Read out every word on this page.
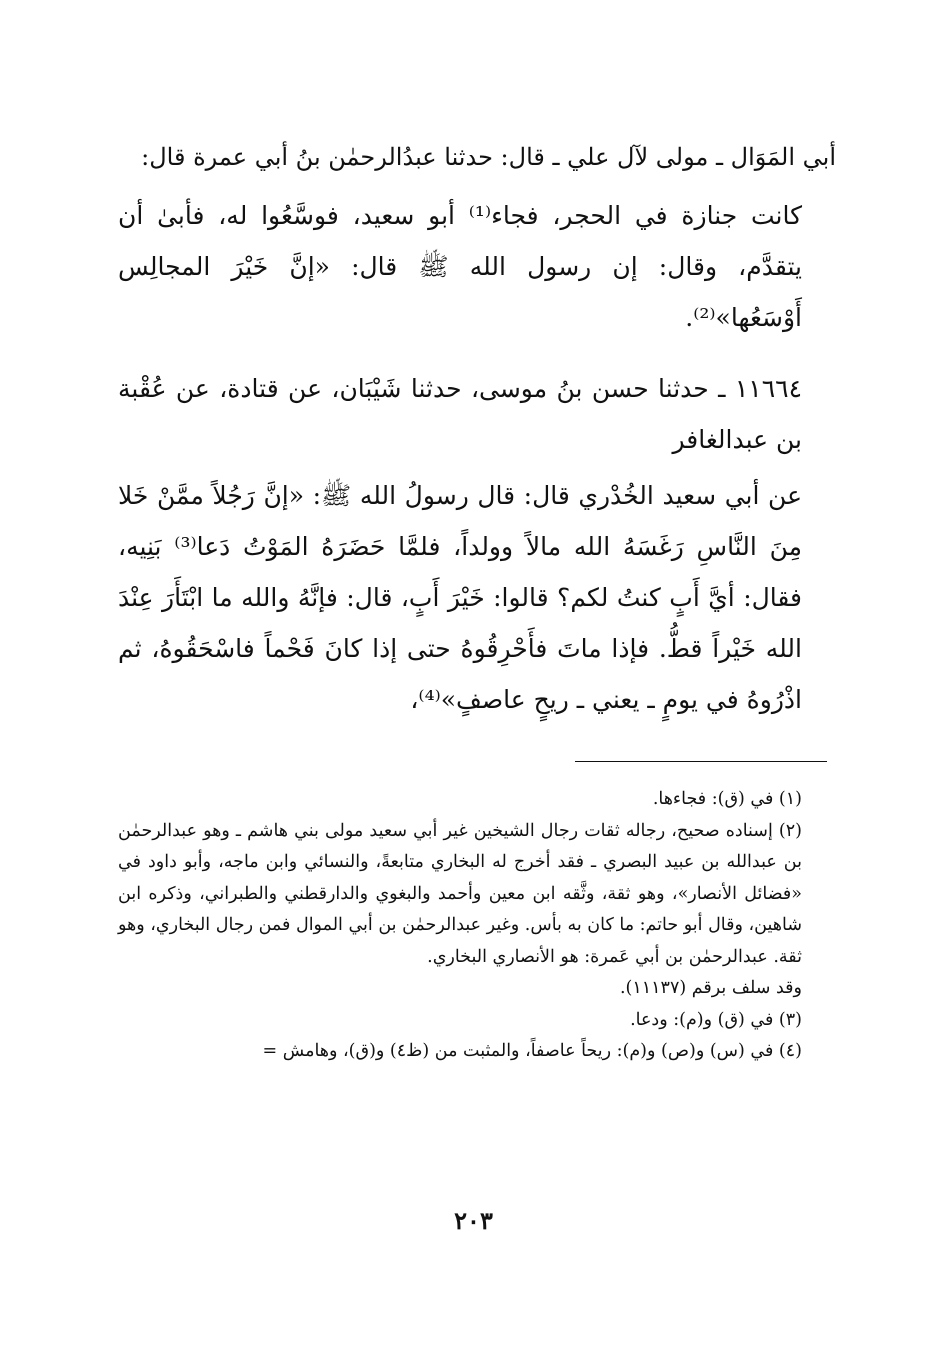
أبي المَوَال ـ مولى لآل علي ـ قال: حدثنا عبدُالرحمٰن بنُ أبي عمرة قال:

كانت جنازة في الحجر، فجاء⁽¹⁾ أبو سعيد، فوسَّعُوا له، فأبىٰ أن يتقدَّم، وقال: إن رسول الله ﷺ قال: «إنَّ خَيْرَ المجالِس أَوْسَعُها»⁽²⁾.

١١٦٦٤ ـ حدثنا حسن بنُ موسى، حدثنا شَيْبَان، عن قتادة، عن عُقْبة بن عبدالغافر

عن أبي سعيد الخُدْري قال: قال رسولُ الله ﷺ: «إنَّ رَجُلاً ممَّنْ خَلا مِنَ النَّاسِ رَغَسَهُ الله مالاً وولداً، فلمَّا حَضَرَهُ المَوْتُ دَعا⁽³⁾ بَنِيه، فقال: أيَّ أَبٍ كنتُ لكم؟ قالوا: خَيْرَ أَبٍ، قال: فإنَّهُ والله ما ابْتَأَرَ عِنْدَ الله خَيْراً قطُّ. فإذا ماتَ فأَحْرِقُوهُ حتى إذا كانَ فَحْماً فاسْحَقُوهُ، ثم اذْرُوهُ في يومٍ ـ يعني ـ ريحٍ عاصفٍ»⁽⁴⁾،

(١) في (ق): فجاءها.

(٢) إسناده صحيح، رجاله ثقات رجال الشيخين غير أبي سعيد مولى بني هاشم ـ وهو عبدالرحمٰن بن عبدالله بن عبيد البصري ـ فقد أخرج له البخاري متابعةً، والنسائي وابن ماجه، وأبو داود في «فضائل الأنصار»، وهو ثقة، وثَّقه ابن معين وأحمد والبغوي والدارقطني والطبراني، وذكره ابن شاهين، وقال أبو حاتم: ما كان به بأس. وغير عبدالرحمٰن بن أبي الموال فمن رجال البخاري، وهو ثقة. عبدالرحمٰن بن أبي عَمرة: هو الأنصاري البخاري.

وقد سلف برقم (١١١٣٧).

(٣) في (ق) و(م): ودعا.

(٤) في (س) و(ص) و(م): ريحاً عاصفاً، والمثبت من (ظ٤) و(ق)، وهامش =

٢٠٣
